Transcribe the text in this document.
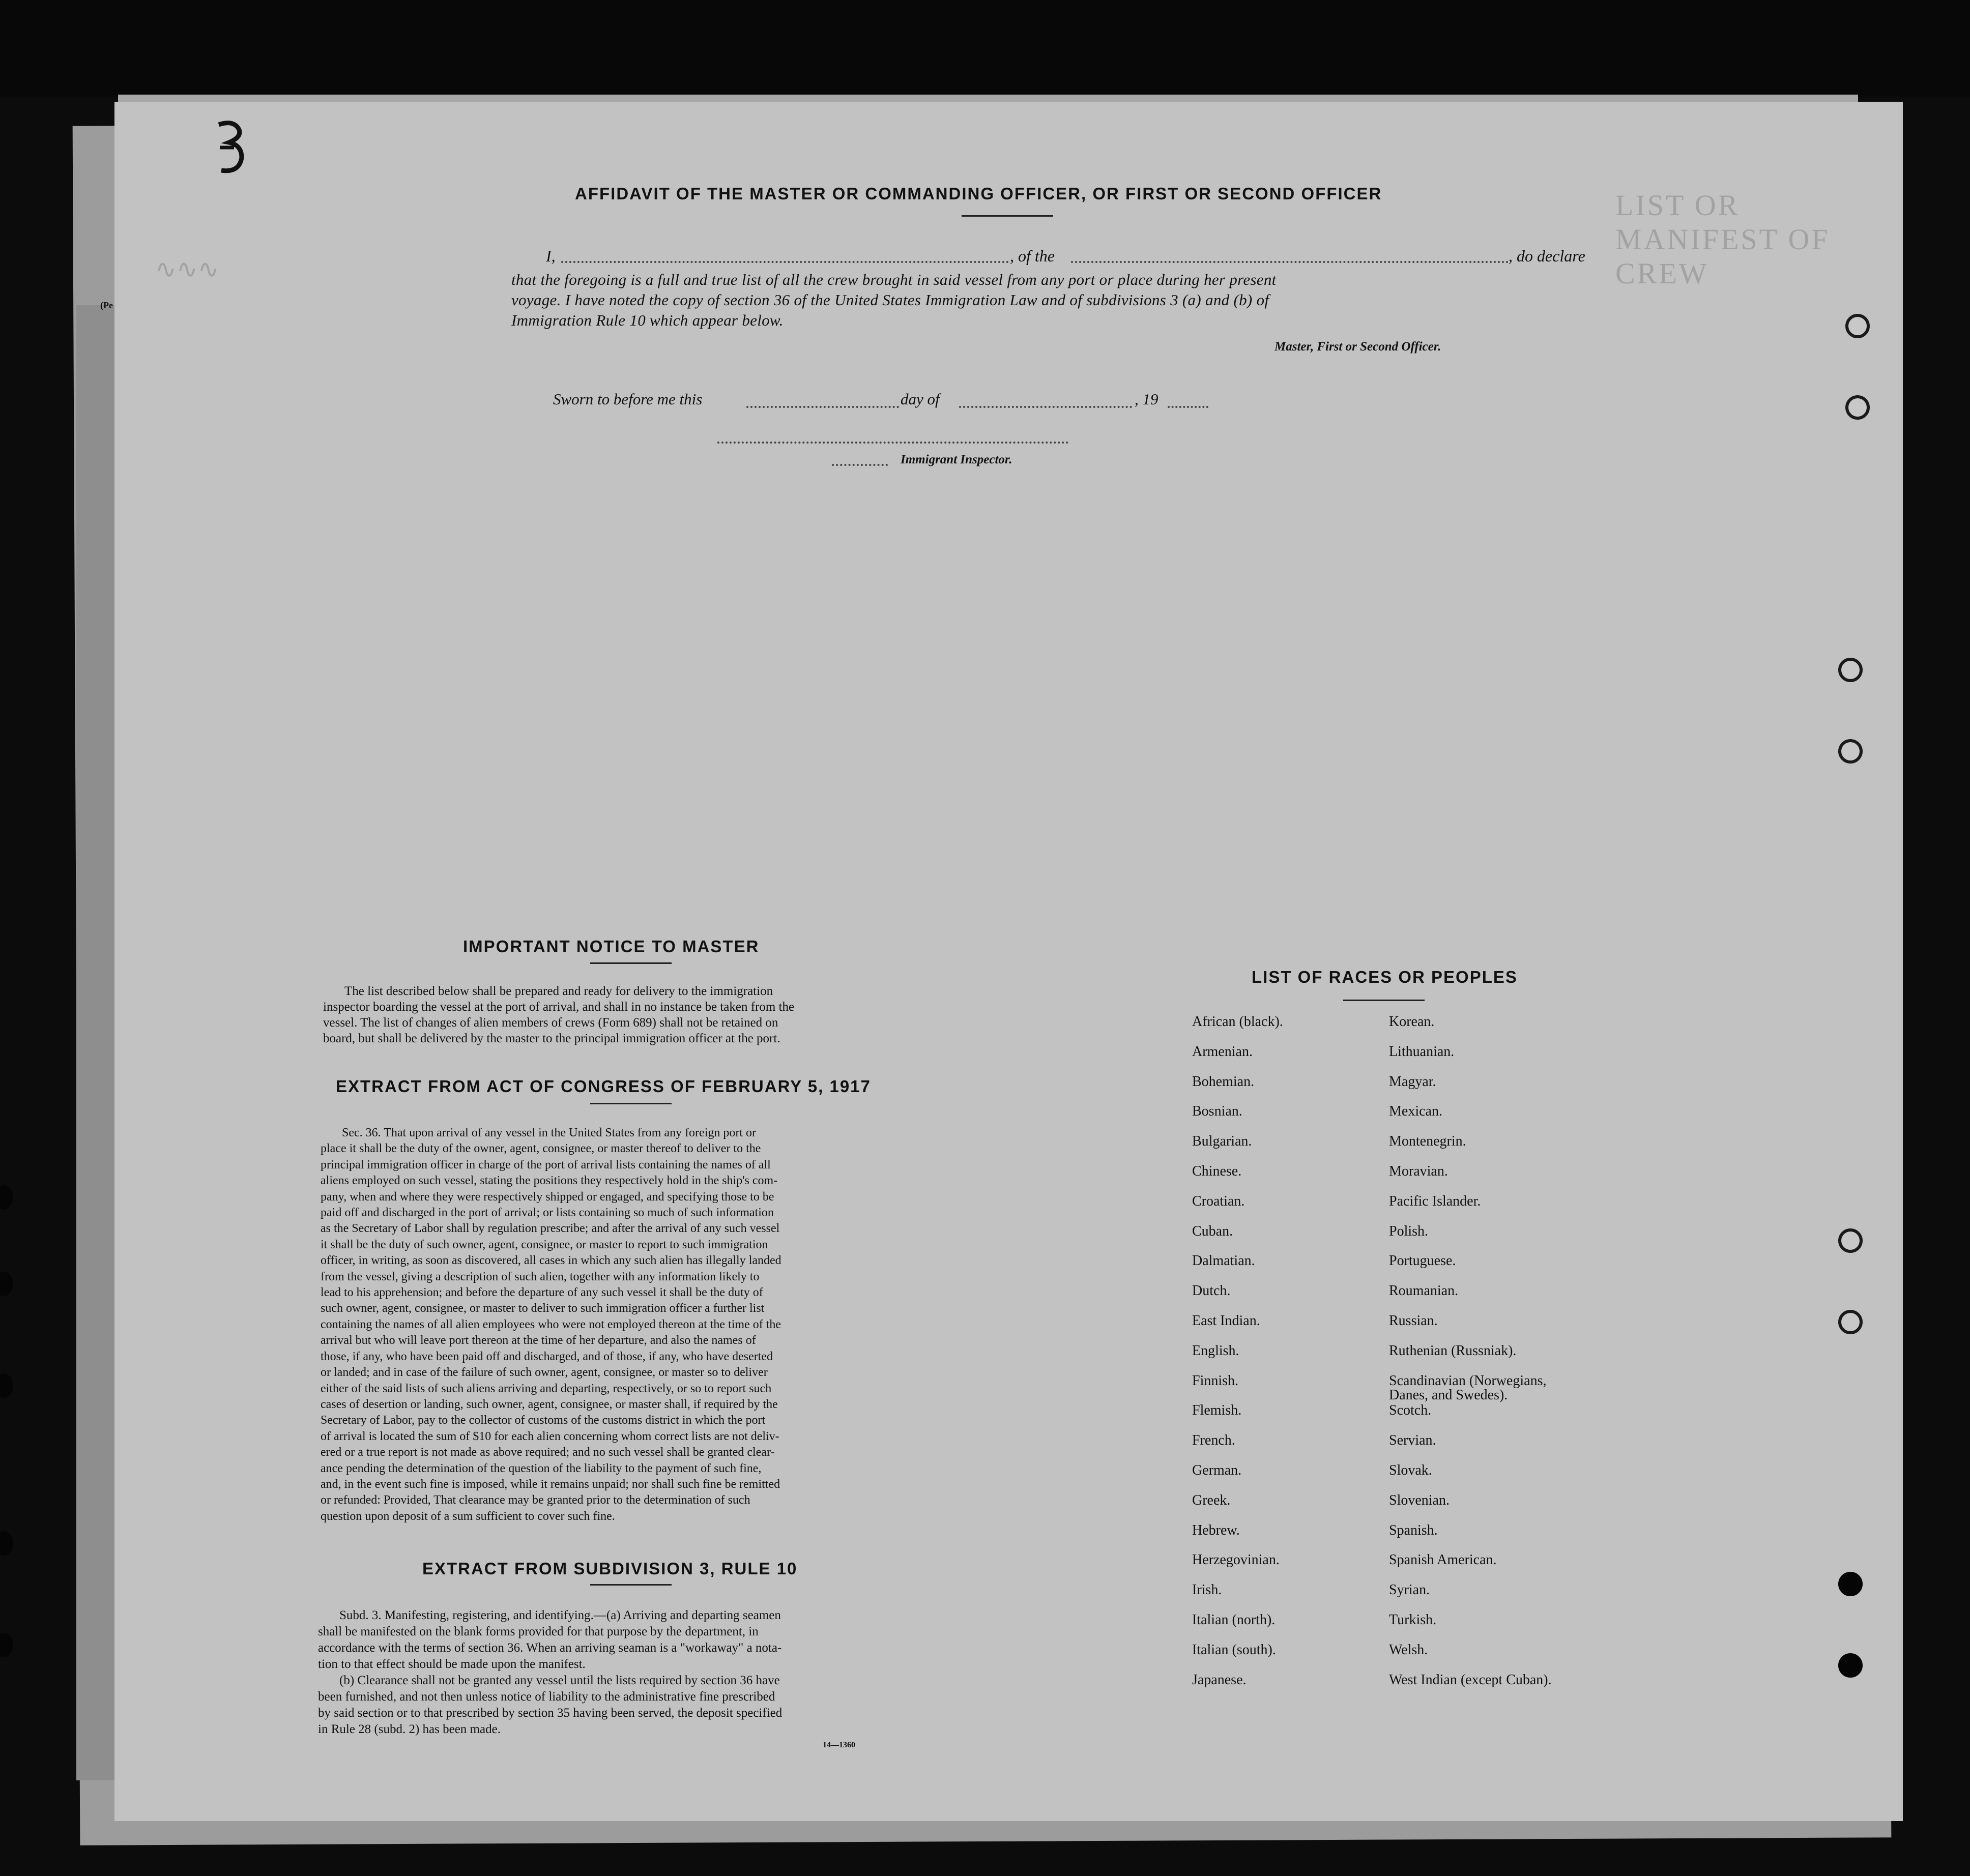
LIST OR MANIFEST OF CREW
∿∿∿
AFFIDAVIT OF THE MASTER OR COMMANDING OFFICER, OR FIRST OR SECOND OFFICER
I,	, of the	, do declare
that the foregoing is a full and true list of all the crew brought in said vessel from any port or place during her present
voyage. I have noted the copy of section 36 of the United States Immigration Law and of subdivisions 3 (a) and (b) of
Immigration Rule 10 which appear below.
Master, First or Second Officer.
Sworn to before me this	day of	, 19
Immigrant Inspector.
IMPORTANT NOTICE TO MASTER
The list described below shall be prepared and ready for delivery to the immigration
inspector boarding the vessel at the port of arrival, and shall in no instance be taken from the
vessel. The list of changes of alien members of crews (Form 689) shall not be retained on
board, but shall be delivered by the master to the principal immigration officer at the port.
EXTRACT FROM ACT OF CONGRESS OF FEBRUARY 5, 1917
Sec. 36. That upon arrival of any vessel in the United States from any foreign port or
place it shall be the duty of the owner, agent, consignee, or master thereof to deliver to the
principal immigration officer in charge of the port of arrival lists containing the names of all
aliens employed on such vessel, stating the positions they respectively hold in the ship's com-
pany, when and where they were respectively shipped or engaged, and specifying those to be
paid off and discharged in the port of arrival; or lists containing so much of such information
as the Secretary of Labor shall by regulation prescribe; and after the arrival of any such vessel
it shall be the duty of such owner, agent, consignee, or master to report to such immigration
officer, in writing, as soon as discovered, all cases in which any such alien has illegally landed
from the vessel, giving a description of such alien, together with any information likely to
lead to his apprehension; and before the departure of any such vessel it shall be the duty of
such owner, agent, consignee, or master to deliver to such immigration officer a further list
containing the names of all alien employees who were not employed thereon at the time of the
arrival but who will leave port thereon at the time of her departure, and also the names of
those, if any, who have been paid off and discharged, and of those, if any, who have deserted
or landed; and in case of the failure of such owner, agent, consignee, or master so to deliver
either of the said lists of such aliens arriving and departing, respectively, or so to report such
cases of desertion or landing, such owner, agent, consignee, or master shall, if required by the
Secretary of Labor, pay to the collector of customs of the customs district in which the port
of arrival is located the sum of $10 for each alien concerning whom correct lists are not deliv-
ered or a true report is not made as above required; and no such vessel shall be granted clear-
ance pending the determination of the question of the liability to the payment of such fine,
and, in the event such fine is imposed, while it remains unpaid; nor shall such fine be remitted
or refunded: Provided, That clearance may be granted prior to the determination of such
question upon deposit of a sum sufficient to cover such fine.
EXTRACT FROM SUBDIVISION 3, RULE 10
Subd. 3. Manifesting, registering, and identifying.—(a) Arriving and departing seamen
shall be manifested on the blank forms provided for that purpose by the department, in
accordance with the terms of section 36. When an arriving seaman is a "workaway" a nota-
tion to that effect should be made upon the manifest.
(b) Clearance shall not be granted any vessel until the lists required by section 36 have
been furnished, and not then unless notice of liability to the administrative fine prescribed
by said section or to that prescribed by section 35 having been served, the deposit specified
in Rule 28 (subd. 2) has been made.
14—1360
LIST OF RACES OR PEOPLES
(Pe
African (black).
Armenian.
Bohemian.
Bosnian.
Bulgarian.
Chinese.
Croatian.
Cuban.
Dalmatian.
Dutch.
East Indian.
English.
Finnish.
Flemish.
French.
German.
Greek.
Hebrew.
Herzegovinian.
Irish.
Italian (north).
Italian (south).
Japanese.
Korean.
Lithuanian.
Magyar.
Mexican.
Montenegrin.
Moravian.
Pacific Islander.
Polish.
Portuguese.
Roumanian.
Russian.
Ruthenian (Russniak).
Scandinavian (Norwegians,
Danes, and Swedes).
Scotch.
Servian.
Slovak.
Slovenian.
Spanish.
Spanish American.
Syrian.
Turkish.
Welsh.
West Indian (except Cuban).
